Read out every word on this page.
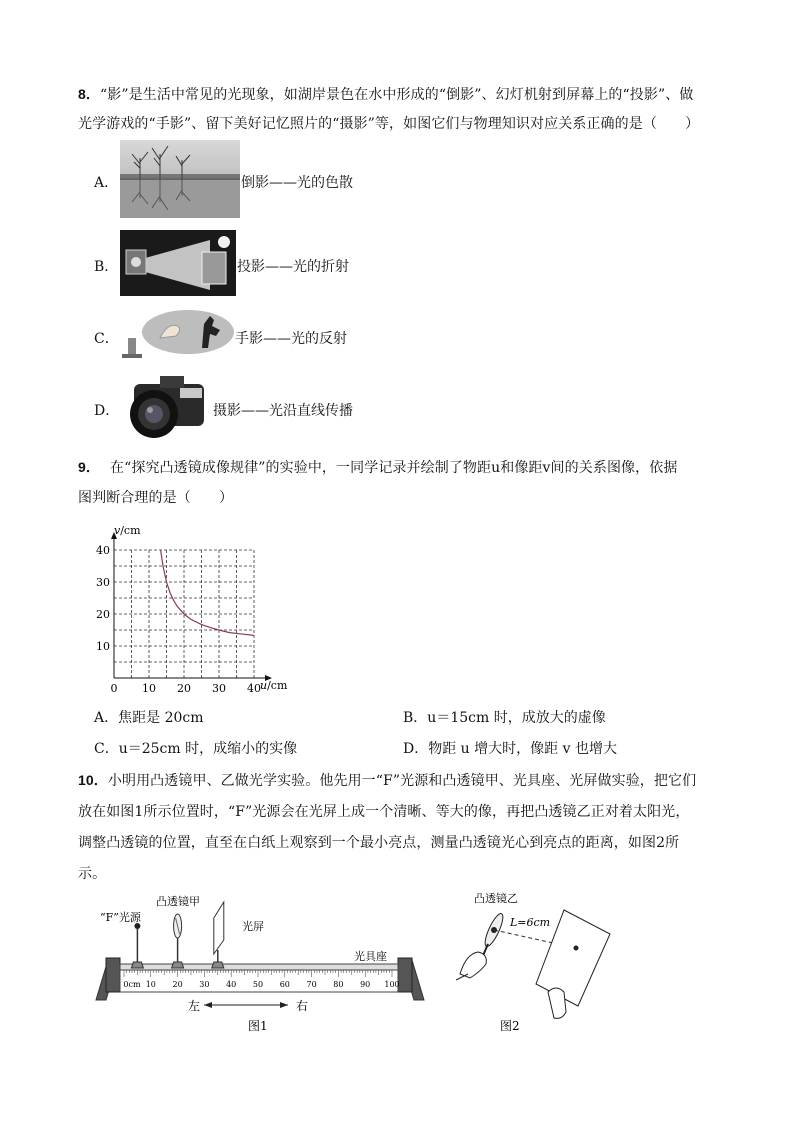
8．“影”是生活中常见的光现象，如湖岸景色在水中形成的“倒影”、幻灯机射到屏幕上的“投影”、做
光学游戏的“手影”、留下美好记忆照片的“摄影”等，如图它们与物理知识对应关系正确的是（　　）
A．	倒影——光的色散
B．	投影——光的折射
C．	手影——光的反射
D．	摄影——光沿直线传播
9． 在“探究凸透镜成像规律”的实验中，一同学记录并绘制了物距u和像距v间的关系图像，依据
图判断合理的是（　　）
0 10 20 30 40
10
20
30
40
v/cm
u/cm
A．焦距是 20cm	B．u＝15cm 时，成放大的虚像
C．u＝25cm 时，成缩小的实像	D．物距 u 增大时，像距 v 也增大
10．小明用凸透镜甲、乙做光学实验。他先用一“F”光源和凸透镜甲、光具座、光屏做实验，把它们
放在如图1所示位置时，“F”光源会在光屏上成一个清晰、等大的像，再把凸透镜乙正对着太阳光，
调整凸透镜的位置，直至在白纸上观察到一个最小亮点，测量凸透镜光心到亮点的距离，如图2所
示。
0cm 10 20 30 40 50 60 70 80 90 100
“F”光源
凸透镜甲
光屏
光具座
左	右
图1
凸透镜乙
L=6cm
图2
